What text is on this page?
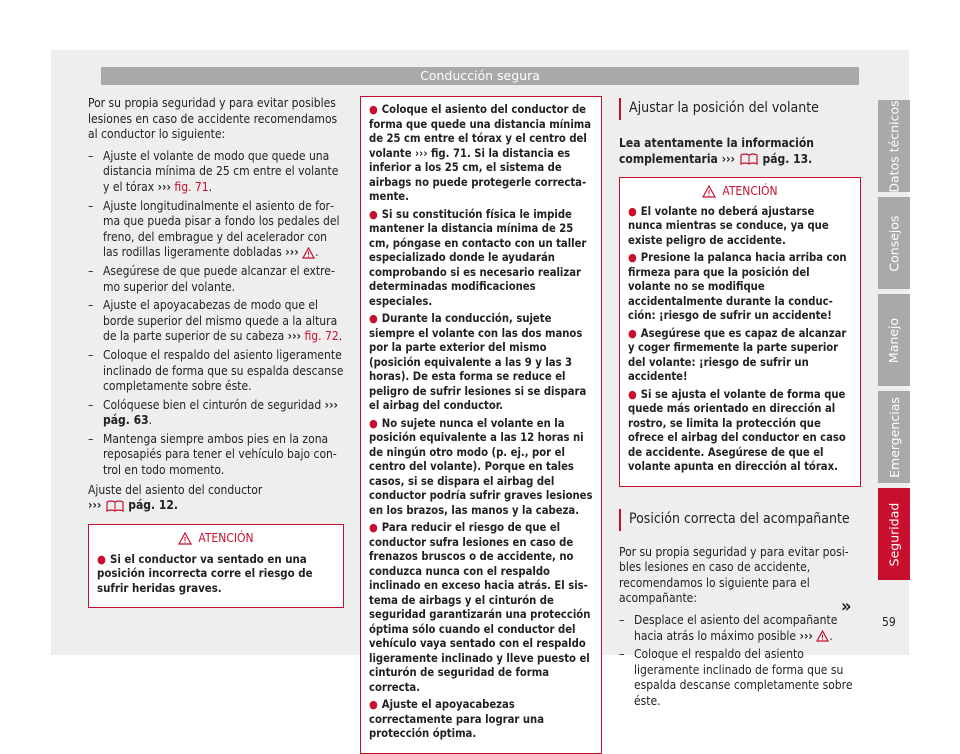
Conducción segura

Por su propia seguridad y para evitar posibles lesiones en caso de accidente recomendamos al conductor lo siguiente:

– Ajuste el volante de modo que quede una distancia mínima de 25 cm entre el volante y el tórax ››› fig. 71.
– Ajuste longitudinalmente el asiento de forma que pueda pisar a fondo los pedales del freno, del embrague y del acelerador con las rodillas ligeramente dobladas ››› .
– Asegúrese de que puede alcanzar el extremo superior del volante.
– Ajuste el apoyacabezas de modo que el borde superior del mismo quede a la altura de la parte superior de su cabeza ››› fig. 72.
– Coloque el respaldo del asiento ligeramente inclinado de forma que su espalda descanse completamente sobre éste.
– Colóquese bien el cinturón de seguridad ››› pág. 63.
– Mantenga siempre ambos pies en la zona reposapiés para tener el vehículo bajo control en todo momento.

Ajuste del asiento del conductor
››› pág. 12.

ATENCIÓN
● Si el conductor va sentado en una posición incorrecta corre el riesgo de sufrir heridas graves.
● Coloque el asiento del conductor de forma que quede una distancia mínima de 25 cm entre el tórax y el centro del volante ››› fig. 71. Si la distancia es inferior a los 25 cm, el sistema de airbags no puede protegerle correctamente.
● Si su constitución física le impide mantener la distancia mínima de 25 cm, póngase en contacto con un taller especializado donde le ayudarán comprobando si es necesario realizar determinadas modificaciones especiales.
● Durante la conducción, sujete siempre el volante con las dos manos por la parte exterior del mismo (posición equivalente a las 9 y las 3 horas). De esta forma se reduce el peligro de sufrir lesiones si se dispara el airbag del conductor.
● No sujete nunca el volante en la posición equivalente a las 12 horas ni de ningún otro modo (p. ej., por el centro del volante). Porque en tales casos, si se dispara el airbag del conductor podría sufrir graves lesiones en los brazos, las manos y la cabeza.
● Para reducir el riesgo de que el conductor sufra lesiones en caso de frenazos bruscos o de accidente, no conduzca nunca con el respaldo inclinado en exceso hacia atrás. El sistema de airbags y el cinturón de seguridad garantizarán una protección óptima sólo cuando el conductor del vehículo vaya sentado con el respaldo ligeramente inclinado y lleve puesto el cinturón de seguridad de forma correcta.
● Ajuste el apoyacabezas correctamente para lograr una protección óptima.
Ajustar la posición del volante

Lea atentamente la información complementaria ››› pág. 13.

ATENCIÓN
● El volante no deberá ajustarse nunca mientras se conduce, ya que existe peligro de accidente.
● Presione la palanca hacia arriba con firmeza para que la posición del volante no se modifique accidentalmente durante la conducción: ¡riesgo de sufrir un accidente!
● Asegúrese que es capaz de alcanzar y coger firmemente la parte superior del volante: ¡riesgo de sufrir un accidente!
● Si se ajusta el volante de forma que quede más orientado en dirección al rostro, se limita la protección que ofrece el airbag del conductor en caso de accidente. Asegúrese de que el volante apunta en dirección al tórax.
Posición correcta del acompañante

Por su propia seguridad y para evitar posibles lesiones en caso de accidente, recomendamos lo siguiente para el acompañante:

– Desplace el asiento del acompañante hacia atrás lo máximo posible ››› .
– Coloque el respaldo del asiento ligeramente inclinado de forma que su espalda descanse completamente sobre éste.
Datos técnicos
Consejos
Manejo
Emergencias
Seguridad
»
59
